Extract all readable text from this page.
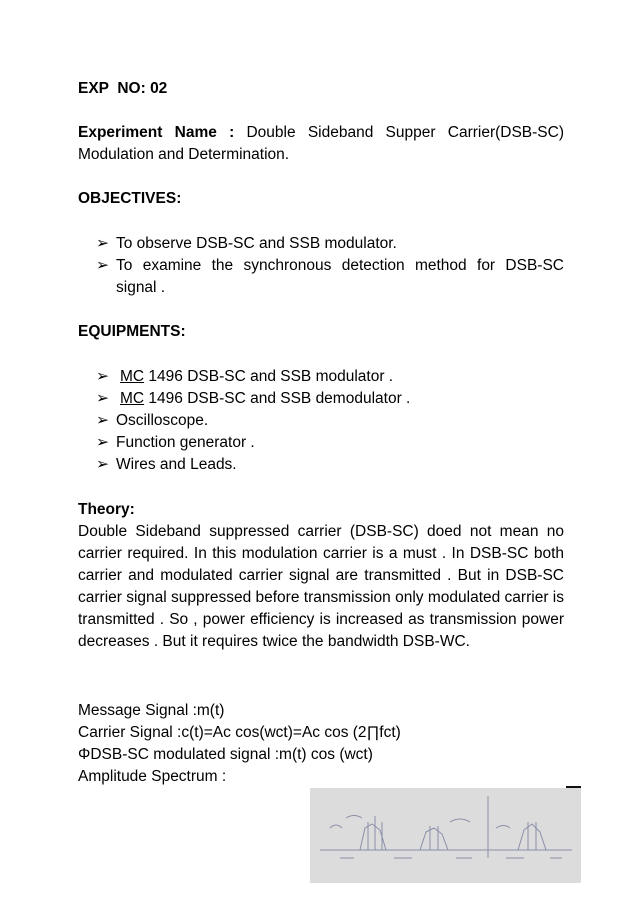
EXP  NO: 02
Experiment Name : Double Sideband Supper Carrier(DSB-SC) Modulation and Determination.
OBJECTIVES:
➢ To observe DSB-SC and SSB modulator.
➢ To examine the synchronous detection method for DSB-SC signal .
EQUIPMENTS:
➢ MC 1496 DSB-SC and SSB modulator .
➢ MC 1496 DSB-SC and SSB demodulator .
➢ Oscilloscope.
➢ Function generator .
➢ Wires and Leads.
Theory:
Double Sideband suppressed carrier (DSB-SC) doed not mean no carrier required. In this modulation carrier is a must . In DSB-SC both carrier and modulated carrier signal are transmitted . But in DSB-SC carrier signal suppressed before transmission only modulated carrier is transmitted . So , power efficiency is increased as transmission power decreases . But it requires twice the bandwidth DSB-WC.
Message Signal :m(t)
Carrier Signal :c(t)=Ac cos(wct)=Ac cos (2∏fct)
ΦDSB-SC modulated signal :m(t) cos (wct)
Amplitude Spectrum :
